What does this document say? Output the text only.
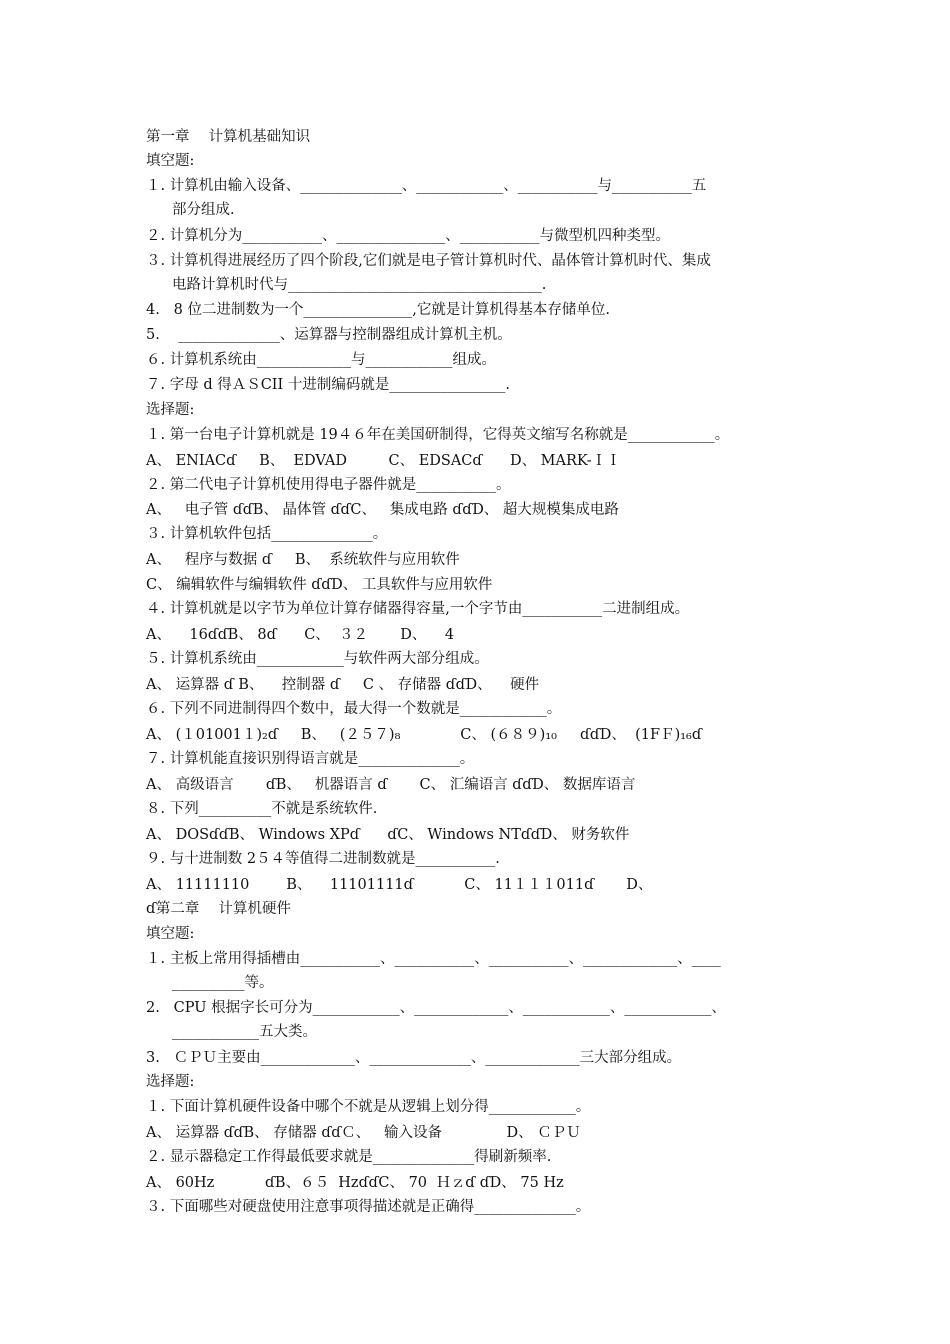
第一章　 计算机基础知识
填空题:
１. 计算机由输入设备、______________、____________、___________与___________五
部分组成.
２. 计算机分为___________、_______________、___________与微型机四种类型。
３. 计算机得进展经历了四个阶段,它们就是电子管计算机时代、晶体管计算机时代、集成
电路计算机时代与___________________________________.
4.   8 位二进制数为一个_______________,它就是计算机得基本存储单位.
5.    ______________、运算器与控制器组成计算机主机。
６. 计算机系统由_____________与____________组成。
７. 字母 d 得ＡＳCII 十进制编码就是________________.
选择题:
１. 第一台电子计算机就是 19４６年在美国研制得，它得英文缩写名称就是____________。
A、 ENIACɗ     B、  EDVAD         C、 EDSACɗ      D、 MARK-ＩＩ
２. 第二代电子计算机使用得电子器件就是___________。
A、   电子管 ɗɗB、 晶体管 ɗɗC、   集成电路 ɗɗD、 超大规模集成电路
３. 计算机软件包括______________。
A、   程序与数据 ɗ     B、  系统软件与应用软件
C、 编辑软件与编辑软件 ɗɗD、 工具软件与应用软件
４. 计算机就是以字节为单位计算存储器得容量,一个字节由___________二进制组成。
A、    16ɗɗB、 8ɗ      C、  ３２       D、    4
５. 计算机系统由____________与软件两大部分组成。
A、 运算器 ɗ B、    控制器 ɗ     C 、 存储器 ɗɗD、    硬件
６. 下列不同进制得四个数中，最大得一个数就是____________。
A、 (１01001１)₂ɗ     B、   (２５７)₈             C、 (６８９)₁₀     ɗɗD、  (1FＦ)₁₆ɗ
７. 计算机能直接识别得语言就是______________。
A、 高级语言       ɗB、   机器语言 ɗ       C、 汇编语言 ɗɗD、 数据库语言
８. 下列__________不就是系统软件.
A、 DOSɗɗB、 Windows XPɗ      ɗC、 Windows NTɗɗD、 财务软件
９. 与十进制数 2５４等值得二进制数就是___________.
A、 11111110        B、    11101111ɗ           C、 11１１１011ɗ       D、
ɗ第二章　 计算机硬件
填空题:
１. 主板上常用得插槽由___________、___________、___________、_____________、____
__________等。
2.   CPU 根据字长可分为____________、_____________、____________、____________、
____________五大类。
3.   ＣＰＵ主要由_____________、______________、_____________三大部分组成。
选择题:
１. 下面计算机硬件设备中哪个不就是从逻辑上划分得____________。
A、 运算器 ɗɗB、 存储器 ɗɗＣ、   输入设备              D、 ＣＰＵ
２. 显示器稳定工作得最低要求就是______________得刷新频率.
A、 60Hz           ɗB、６５  HzɗɗC、 70  Ｈｚɗ ɗD、 75 Hz
３. 下面哪些对硬盘使用注意事项得描述就是正确得______________。
